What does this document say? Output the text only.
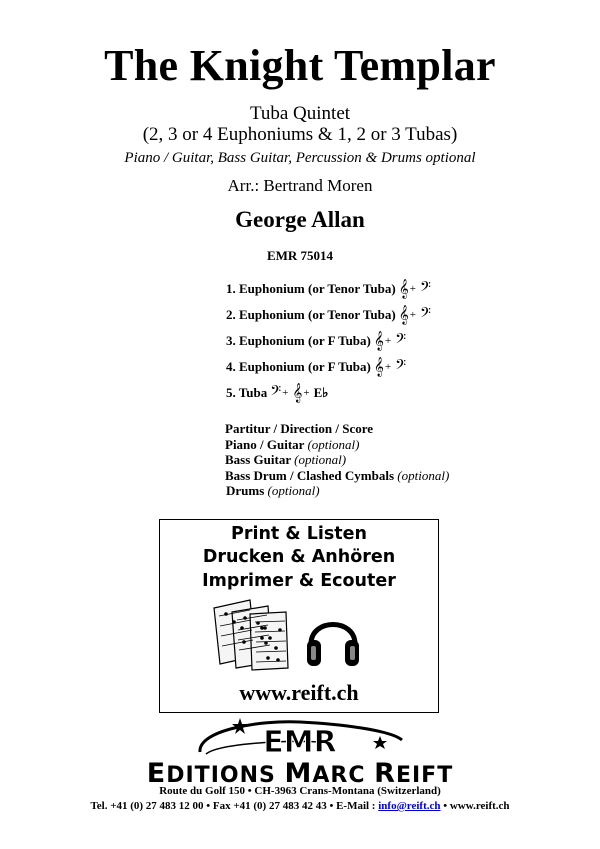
The Knight Templar
Tuba Quintet
(2, 3 or 4 Euphoniums & 1, 2 or 3 Tubas)
Piano / Guitar, Bass Guitar, Percussion & Drums optional
Arr.: Bertrand Moren
George Allan
EMR 75014
1. Euphonium (or Tenor Tuba) 𝄞 + 𝄢
2. Euphonium (or Tenor Tuba) 𝄞 + 𝄢
3. Euphonium (or F Tuba) 𝄞 + 𝄢
4. Euphonium (or F Tuba) 𝄞 + 𝄢
5. Tuba 𝄢 + 𝄞 + E♭
Partitur / Direction / Score
Piano / Guitar (optional)
Bass Guitar (optional)
Bass Drum / Clashed Cymbals (optional)
Drums (optional)
Print & Listen
Drucken & Anhören
Imprimer & Ecouter
www.reift.ch
EMR
EDITIONS MARC REIFT
Route du Golf 150 • CH-3963 Crans-Montana (Switzerland)
Tel. +41 (0) 27 483 12 00 • Fax +41 (0) 27 483 42 43 • E-Mail : info@reift.ch • www.reift.ch
